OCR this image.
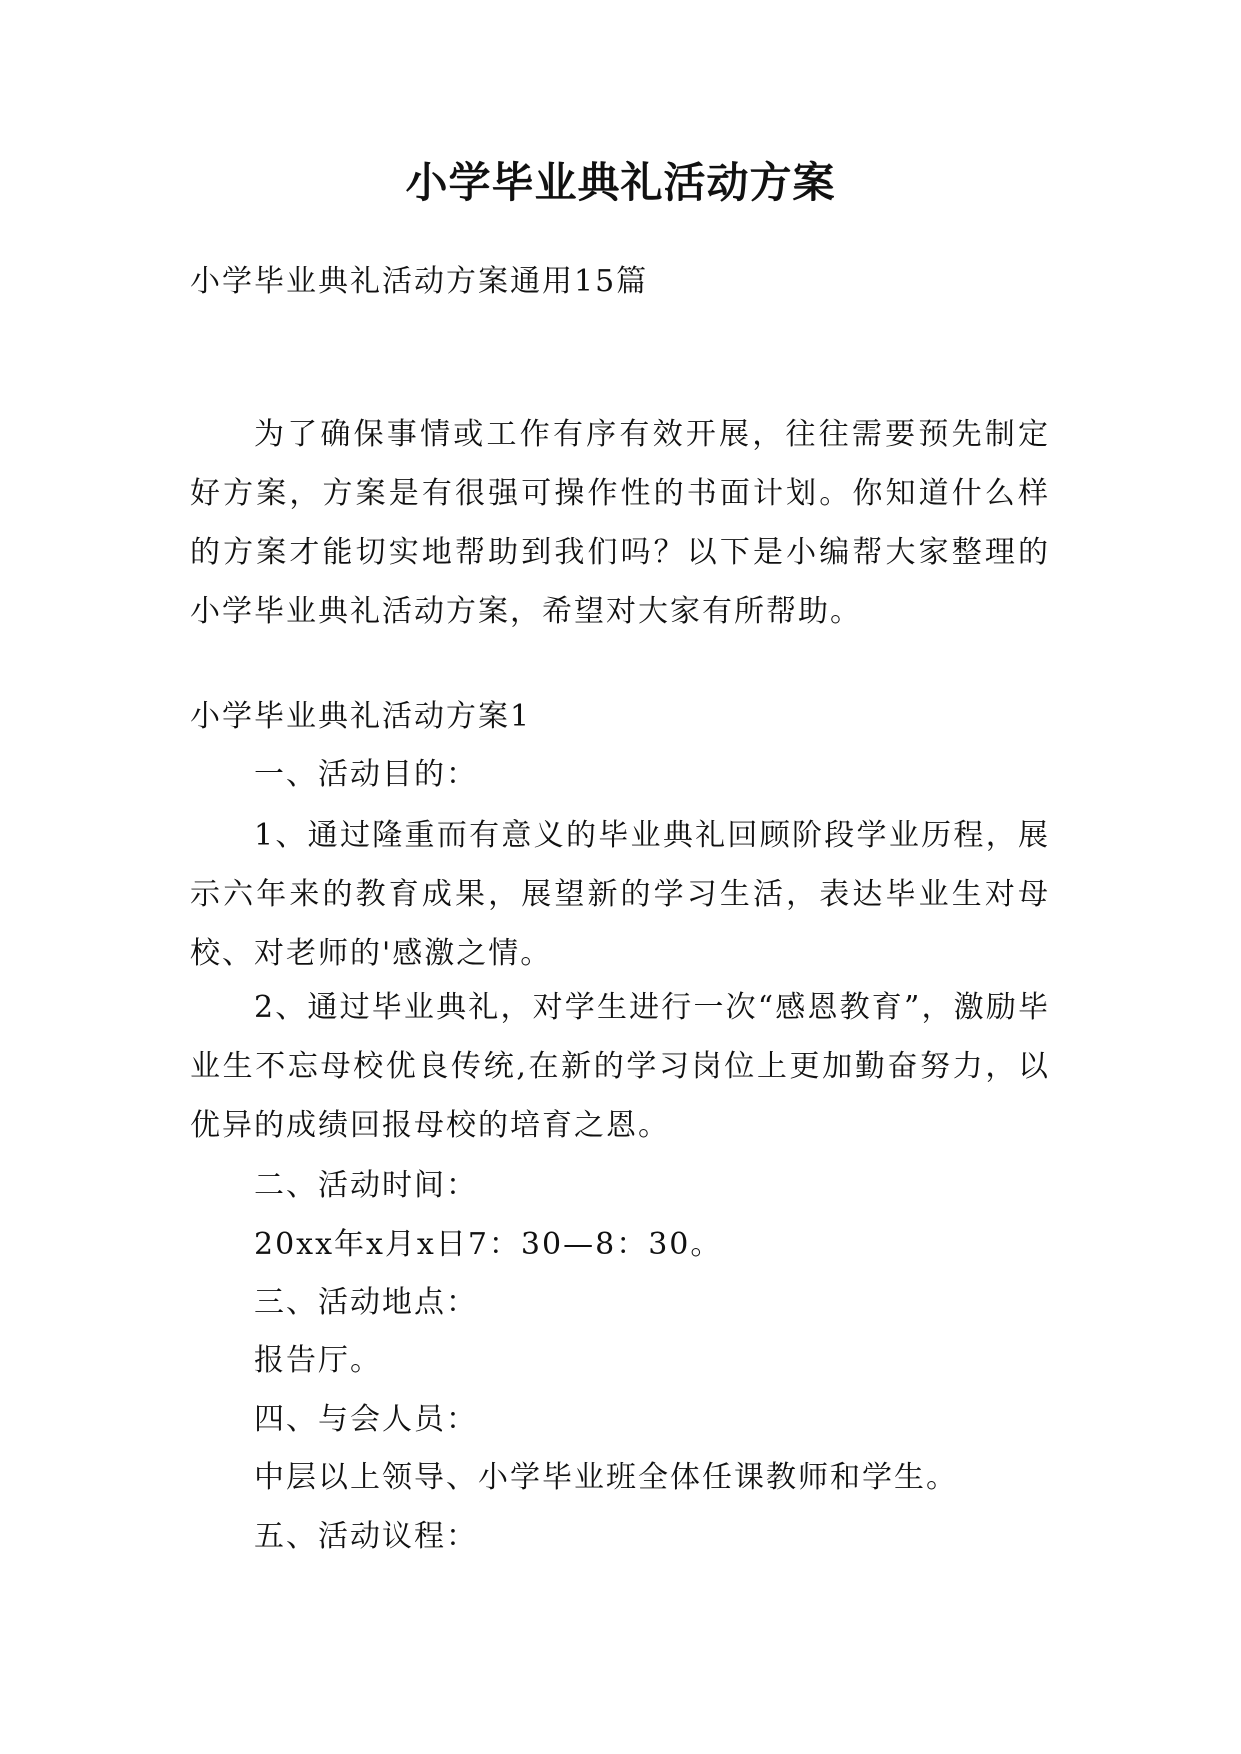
小学毕业典礼活动方案

小学毕业典礼活动方案通用15篇

为了确保事情或工作有序有效开展，往往需要预先制定好方案，方案是有很强可操作性的书面计划。你知道什么样的方案才能切实地帮助到我们吗？以下是小编帮大家整理的小学毕业典礼活动方案，希望对大家有所帮助。

小学毕业典礼活动方案1

一、活动目的：

1、通过隆重而有意义的毕业典礼回顾阶段学业历程，展示六年来的教育成果，展望新的学习生活，表达毕业生对母校、对老师的'感激之情。

2、通过毕业典礼，对学生进行一次“感恩教育”，激励毕业生不忘母校优良传统,在新的学习岗位上更加勤奋努力，以优异的成绩回报母校的培育之恩。

二、活动时间：

20xx年x月x日7：30—8：30。

三、活动地点：

报告厅。

四、与会人员：

中层以上领导、小学毕业班全体任课教师和学生。

五、活动议程：
